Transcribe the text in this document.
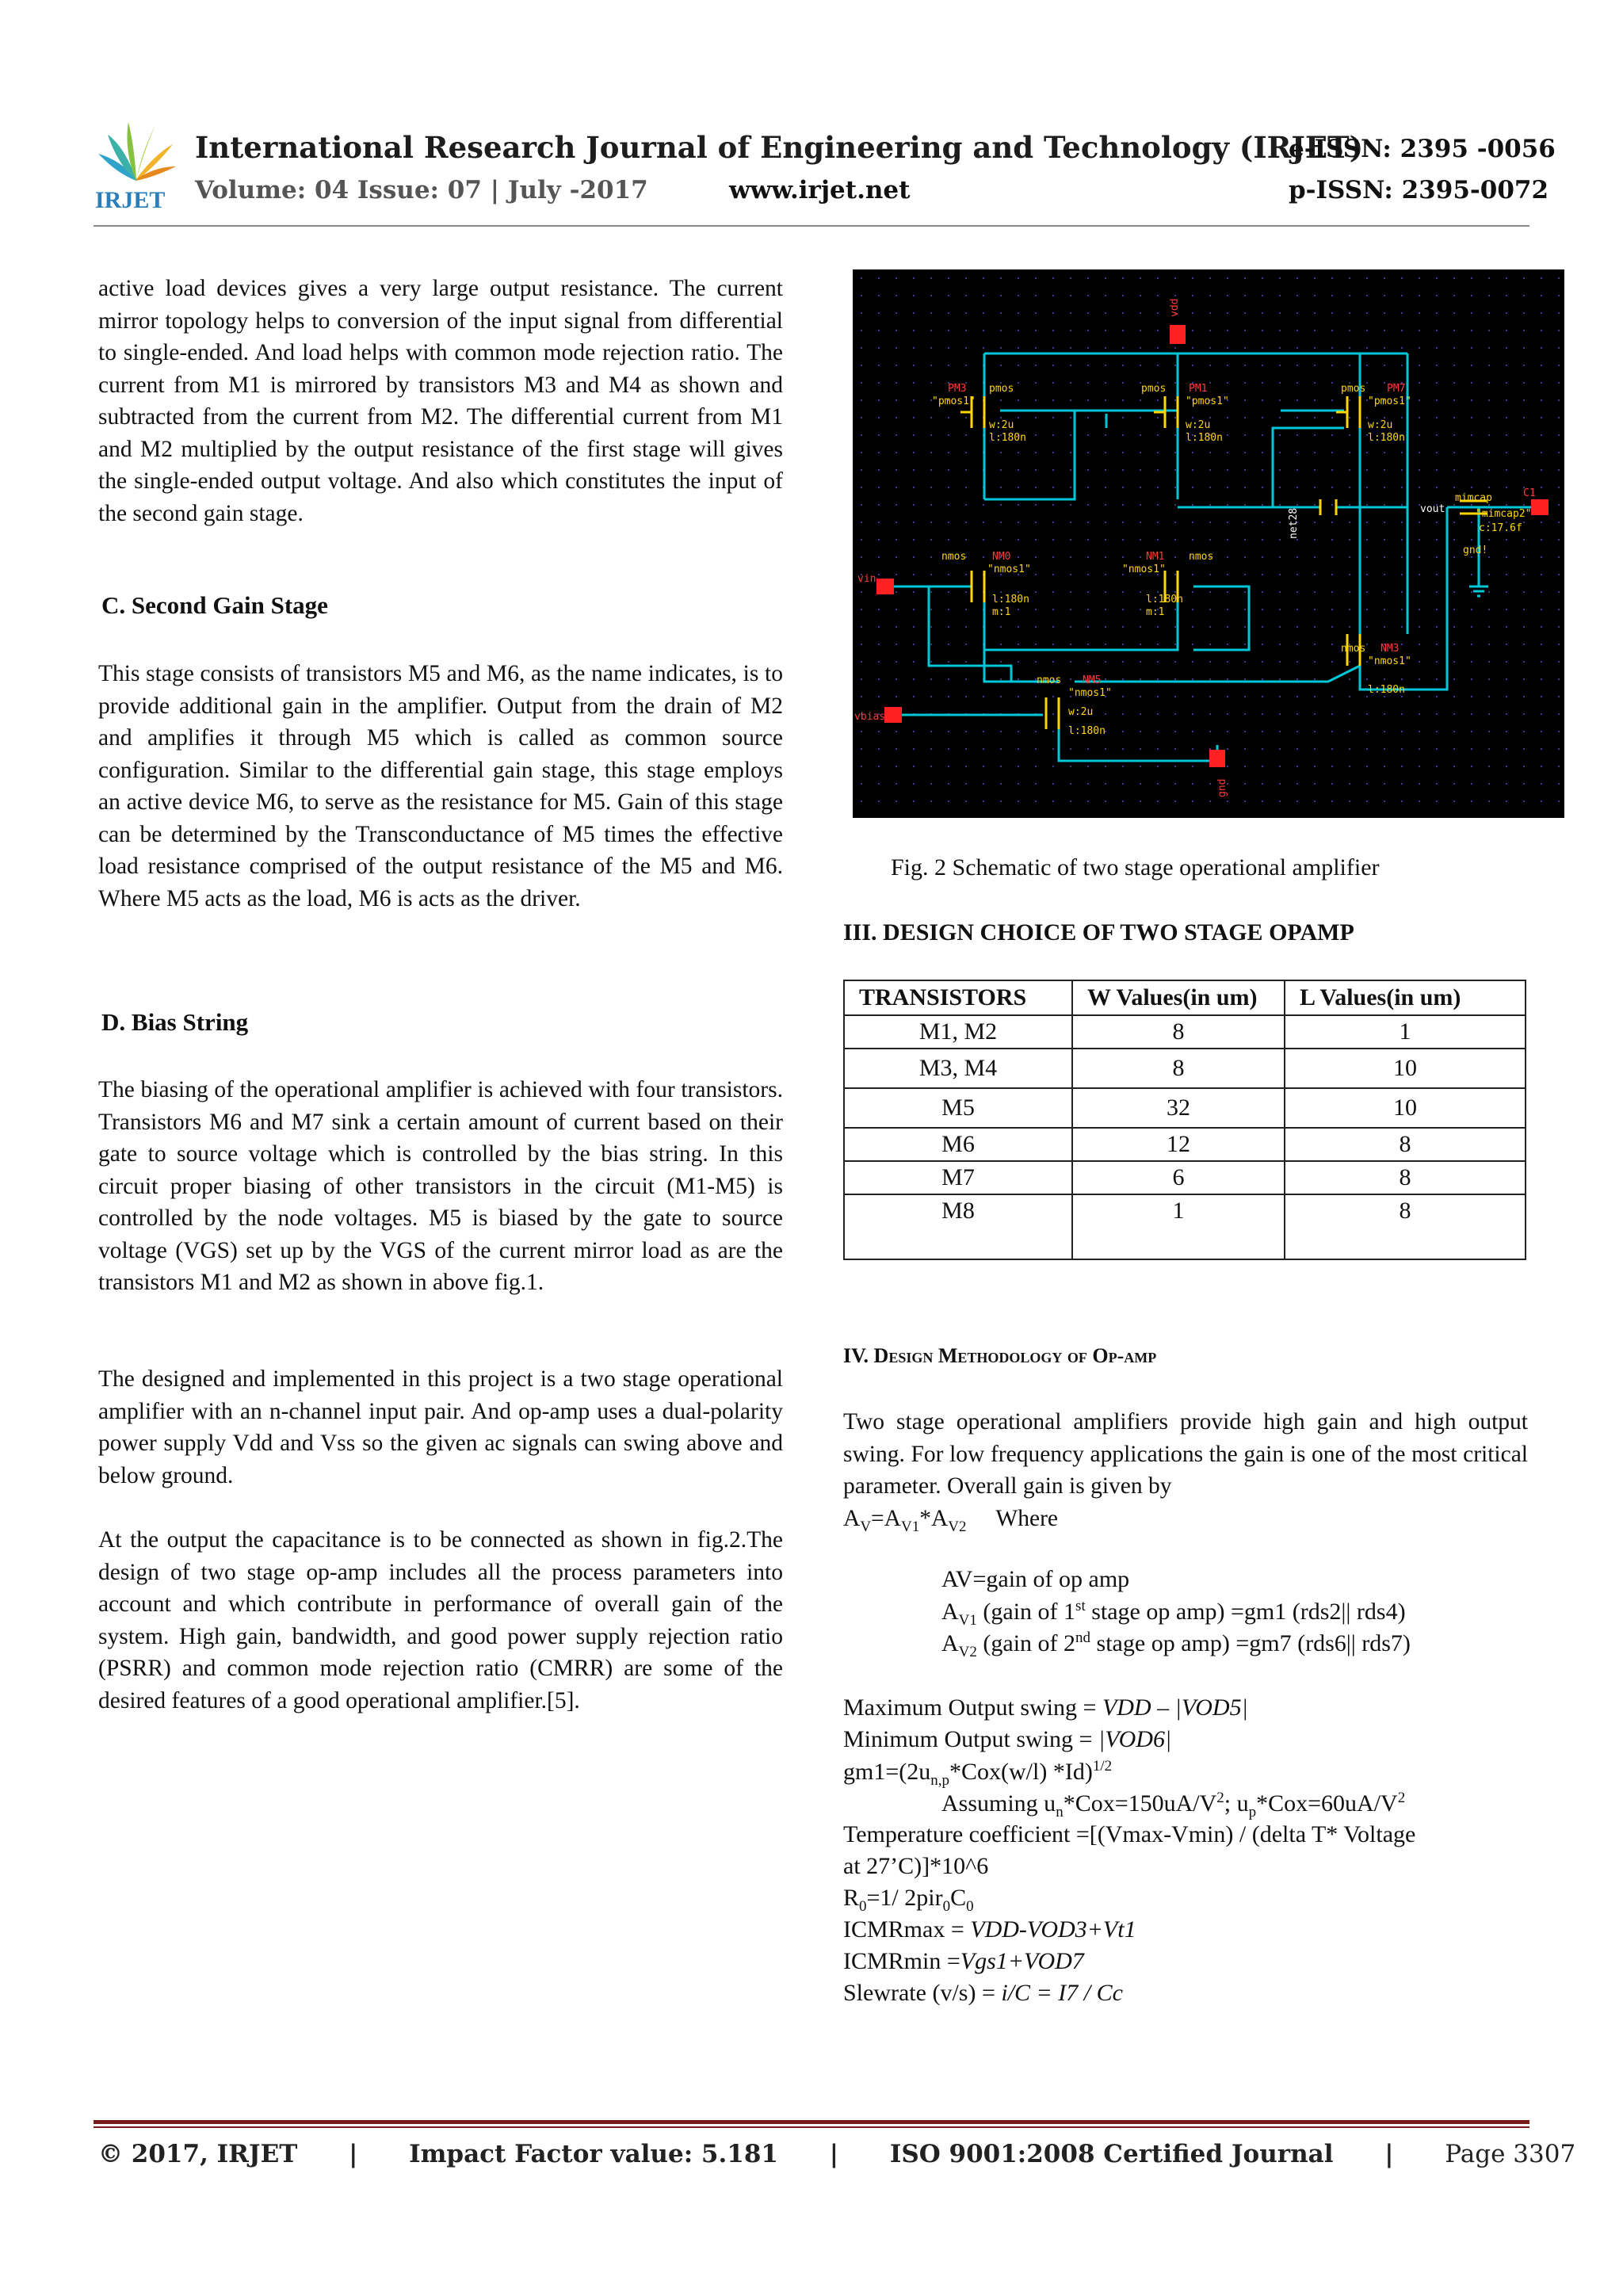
IRJET
International Research Journal of Engineering and Technology (IRJET)
e-ISSN: 2395 -0056
Volume: 04 Issue: 07 | July -2017	www.irjet.net	p-ISSN: 2395-0072

active load devices gives a very large output resistance. The current mirror topology helps to conversion of the input signal from differential to single-ended. And load helps with common mode rejection ratio. The current from M1 is mirrored by transistors M3 and M4 as shown and subtracted from the current from M2. The differential current from M1 and M2 multiplied by the output resistance of the first stage will gives the single-ended output voltage. And also which constitutes the input of the second gain stage.

C. Second Gain Stage

This stage consists of transistors M5 and M6, as the name indicates, is to provide additional gain in the amplifier. Output from the drain of M2 and amplifies it through M5 which is called as common source configuration. Similar to the differential gain stage, this stage employs an active device M6, to serve as the resistance for M5. Gain of this stage can be determined by the Transconductance of M5 times the effective load resistance comprised of the output resistance of the M5 and M6. Where M5 acts as the load, M6 is acts as the driver.

D. Bias String

The biasing of the operational amplifier is achieved with four transistors. Transistors M6 and M7 sink a certain amount of current based on their gate to source voltage which is controlled by the bias string. In this circuit proper biasing of other transistors in the circuit (M1-M5) is controlled by the node voltages. M5 is biased by the gate to source voltage (VGS) set up by the VGS of the current mirror load as are the transistors M1 and M2 as shown in above fig.1.

The designed and implemented in this project is a two stage operational amplifier with an n-channel input pair. And op-amp uses a dual-polarity power supply Vdd and Vss so the given ac signals can swing above and below ground.

At the output the capacitance is to be connected as shown in fig.2.The design of two stage op-amp includes all the process parameters into account and which contribute in performance of overall gain of the system. High gain, bandwidth, and good power supply rejection ratio (PSRR) and common mode rejection ratio (CMRR) are some of the desired features of a good operational amplifier.[5].

vdd
vin
vbias
gnd
C1
PM3 pmos
"pmos1"
w:2u
l:180n
PM1
pmos
"pmos1"
w:2u
l:180n
PM7
pmos
"pmos1"
w:2u
l:180n
NM0
nmos
"nmos1"
l:180n
m:1
NM1 nmos
"nmos1"
l:180n
m:1
NM3
nmos
"nmos1"
l:180n
NM5
nmos
"nmos1"
w:2u
l:180n
mimcap
"mimcap2"
c:17.6f
gnd!
vout
net28
Fig. 2 Schematic of two stage operational amplifier
III. DESIGN CHOICE OF TWO STAGE OPAMP
TRANSISTORS	W Values(in um)	L Values(in um)
M1, M2	8	1
M3, M4	8	10
M5	32	10
M6	12	8
M7	6	8
M8	1	8
IV. Design Methodology of Op-amp

Two stage operational amplifiers provide high gain and high output swing. For low frequency applications the gain is one of the most critical parameter. Overall gain is given by
$A_V=A_{V1}*A_{V2}$ Where

AV=gain of op amp

$A_{V1}$ (gain of 1st stage op amp) =gm1 (rds2|| rds4)

$A_{V2}$ (gain of 2nd stage op amp) =gm7 (rds6|| rds7)

Maximum Output swing = VDD – |VOD5|

Minimum Output swing = |VOD6|

$gm1=(2u_{n,p}*Cox(w/l)$ *Id)$^{1/2}$

Assuming $u_n*Cox=150uA/V^2$; $u_p*Cox=60uA/V^2$

Temperature coefficient =[(Vmax-Vmin) / (delta T* Voltage

at 27’C)]*10^6

$R_0=1/$ $2pir_0C_0$

ICMRmax = VDD-VOD3+Vt1

ICMRmin =Vgs1+VOD7

Slewrate (v/s) = i/C = I7 / Cc

© 2017, IRJET | Impact Factor value: 5.181 | ISO 9001:2008 Certified Journal | Page 3307
